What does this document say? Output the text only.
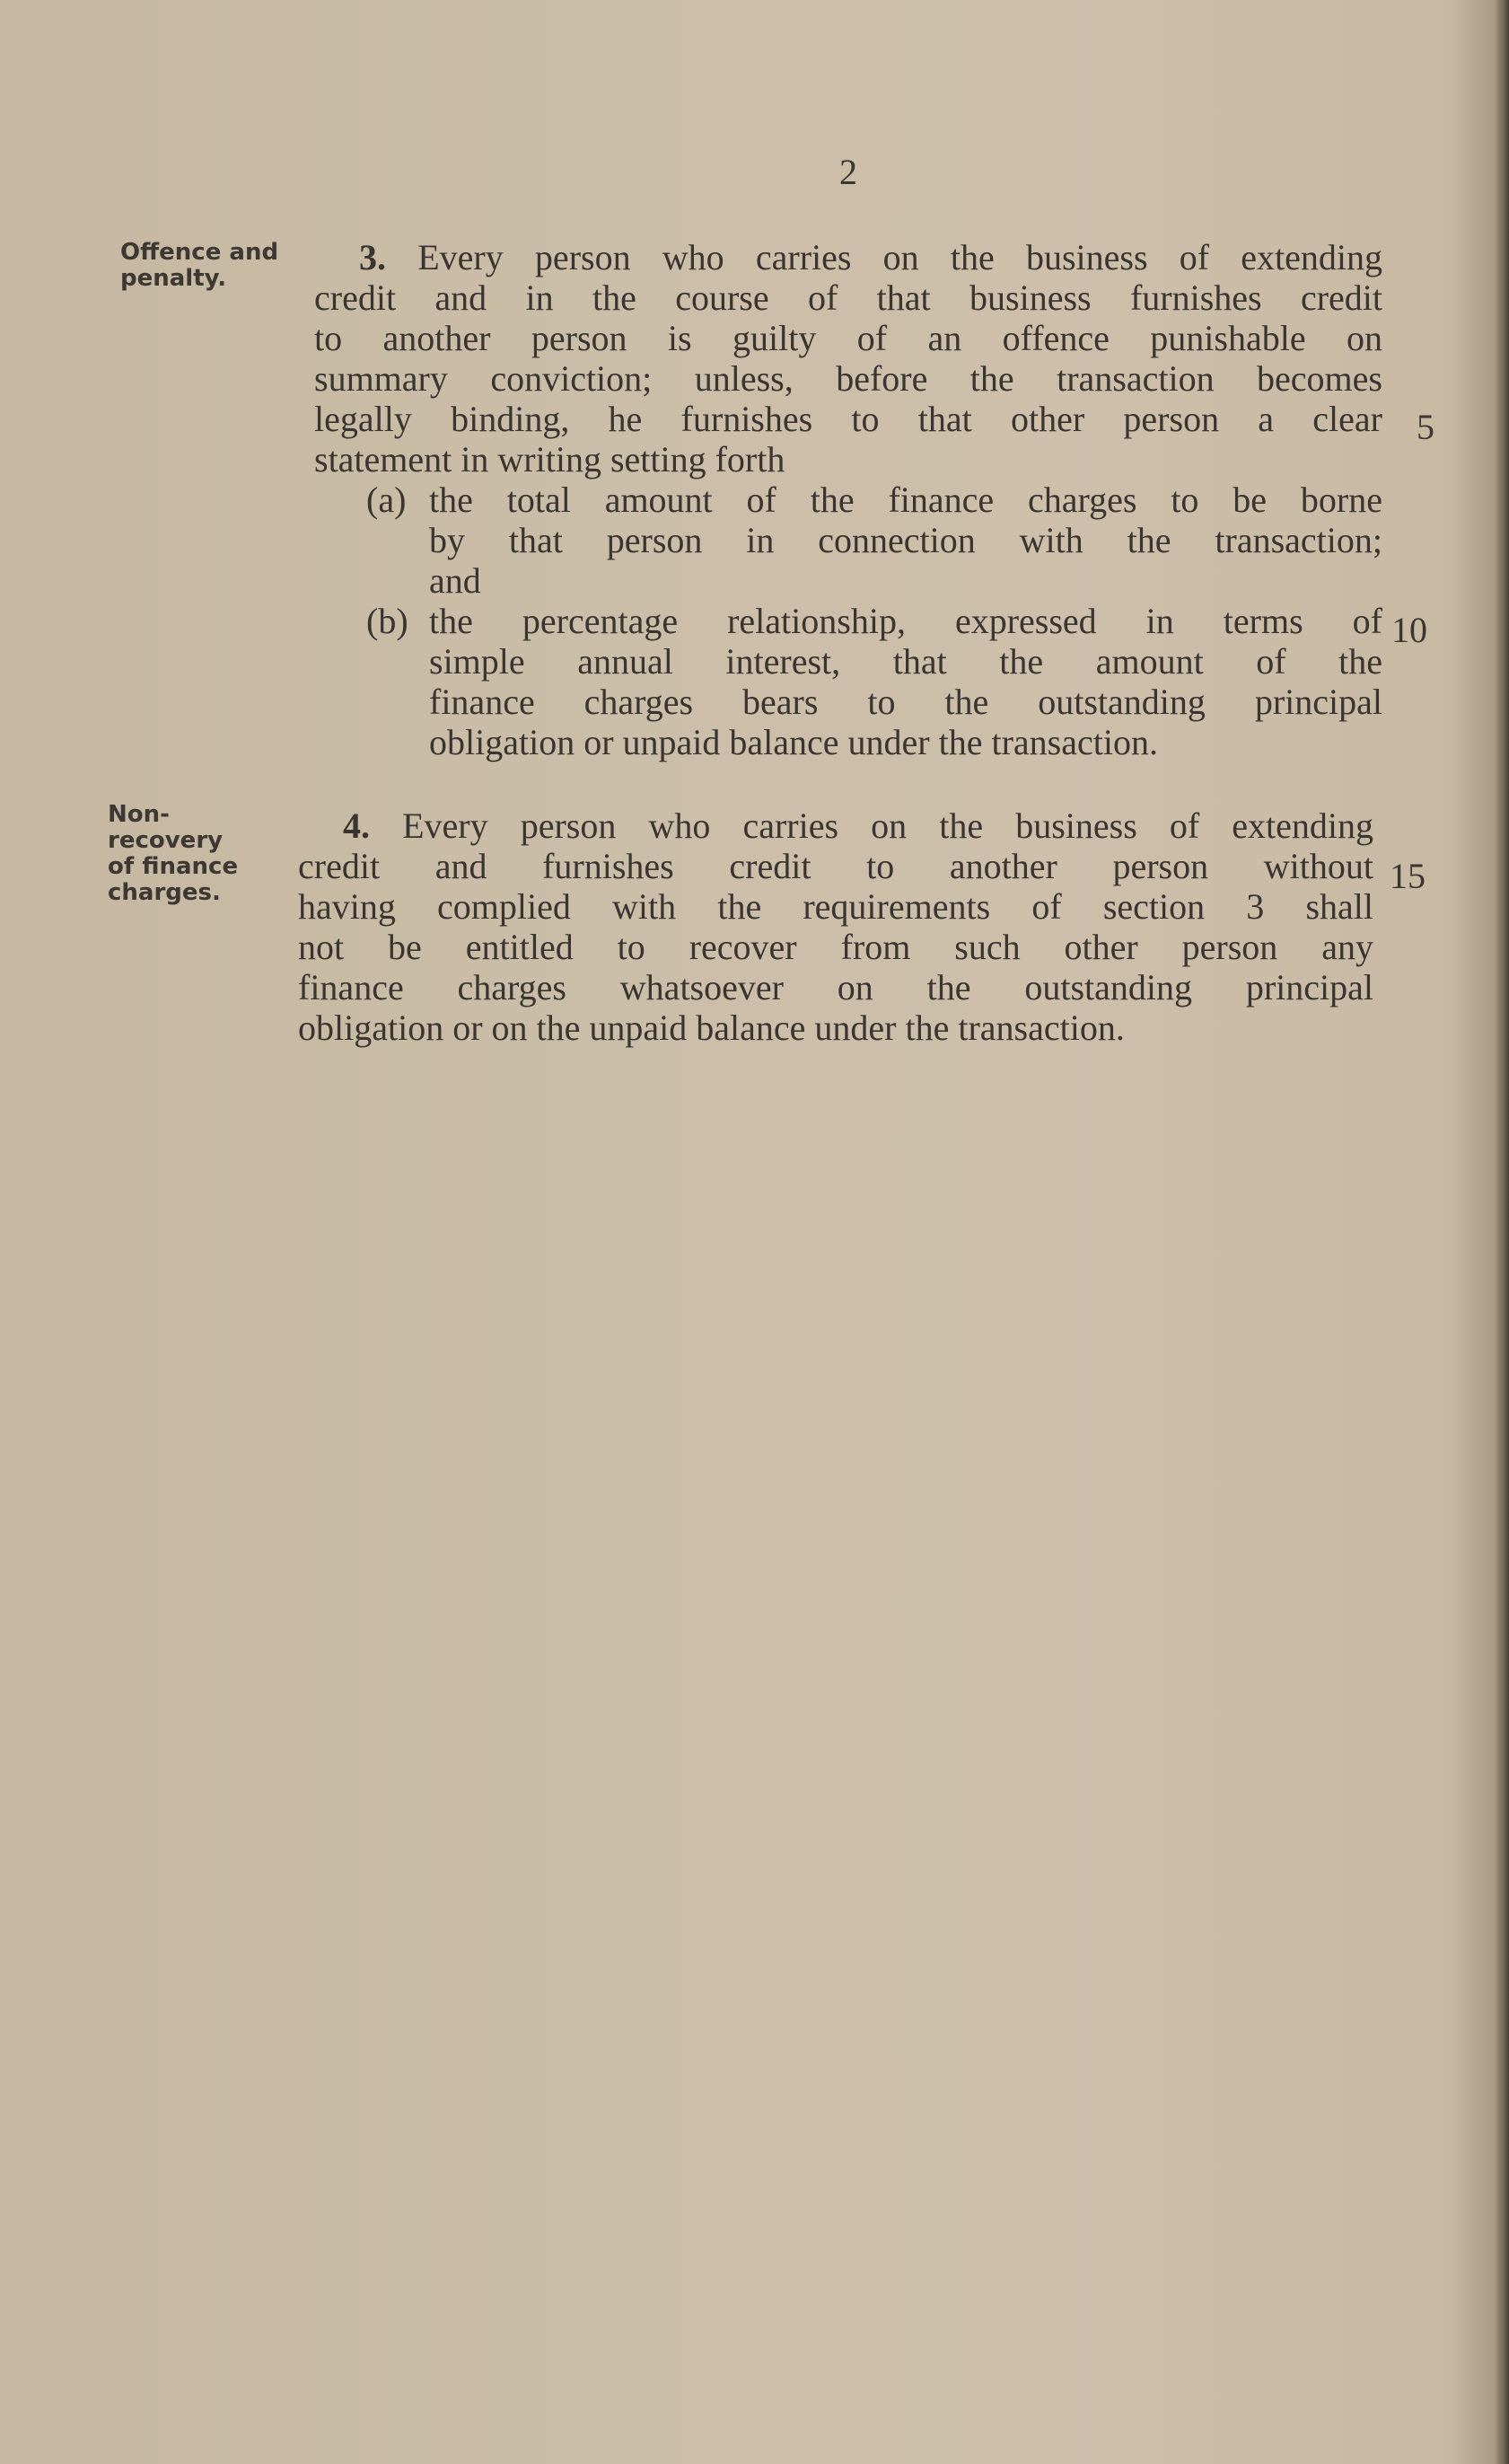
2
Offence and
penalty.
Non-
recovery
of finance
charges.
3. Every person who carries on the business of extending
credit and in the course of that business furnishes credit
to another person is guilty of an offence punishable on
summary conviction; unless, before the transaction becomes
legally binding, he furnishes to that other person a clear
statement in writing setting forth
(a) the total amount of the finance charges to be borne
by that person in connection with the transaction;
and
(b) the percentage relationship, expressed in terms of
simple annual interest, that the amount of the
finance charges bears to the outstanding principal
obligation or unpaid balance under the transaction.
4. Every person who carries on the business of extending
credit and furnishes credit to another person without
having complied with the requirements of section 3 shall
not be entitled to recover from such other person any
finance charges whatsoever on the outstanding principal
obligation or on the unpaid balance under the transaction.
5
10
15
